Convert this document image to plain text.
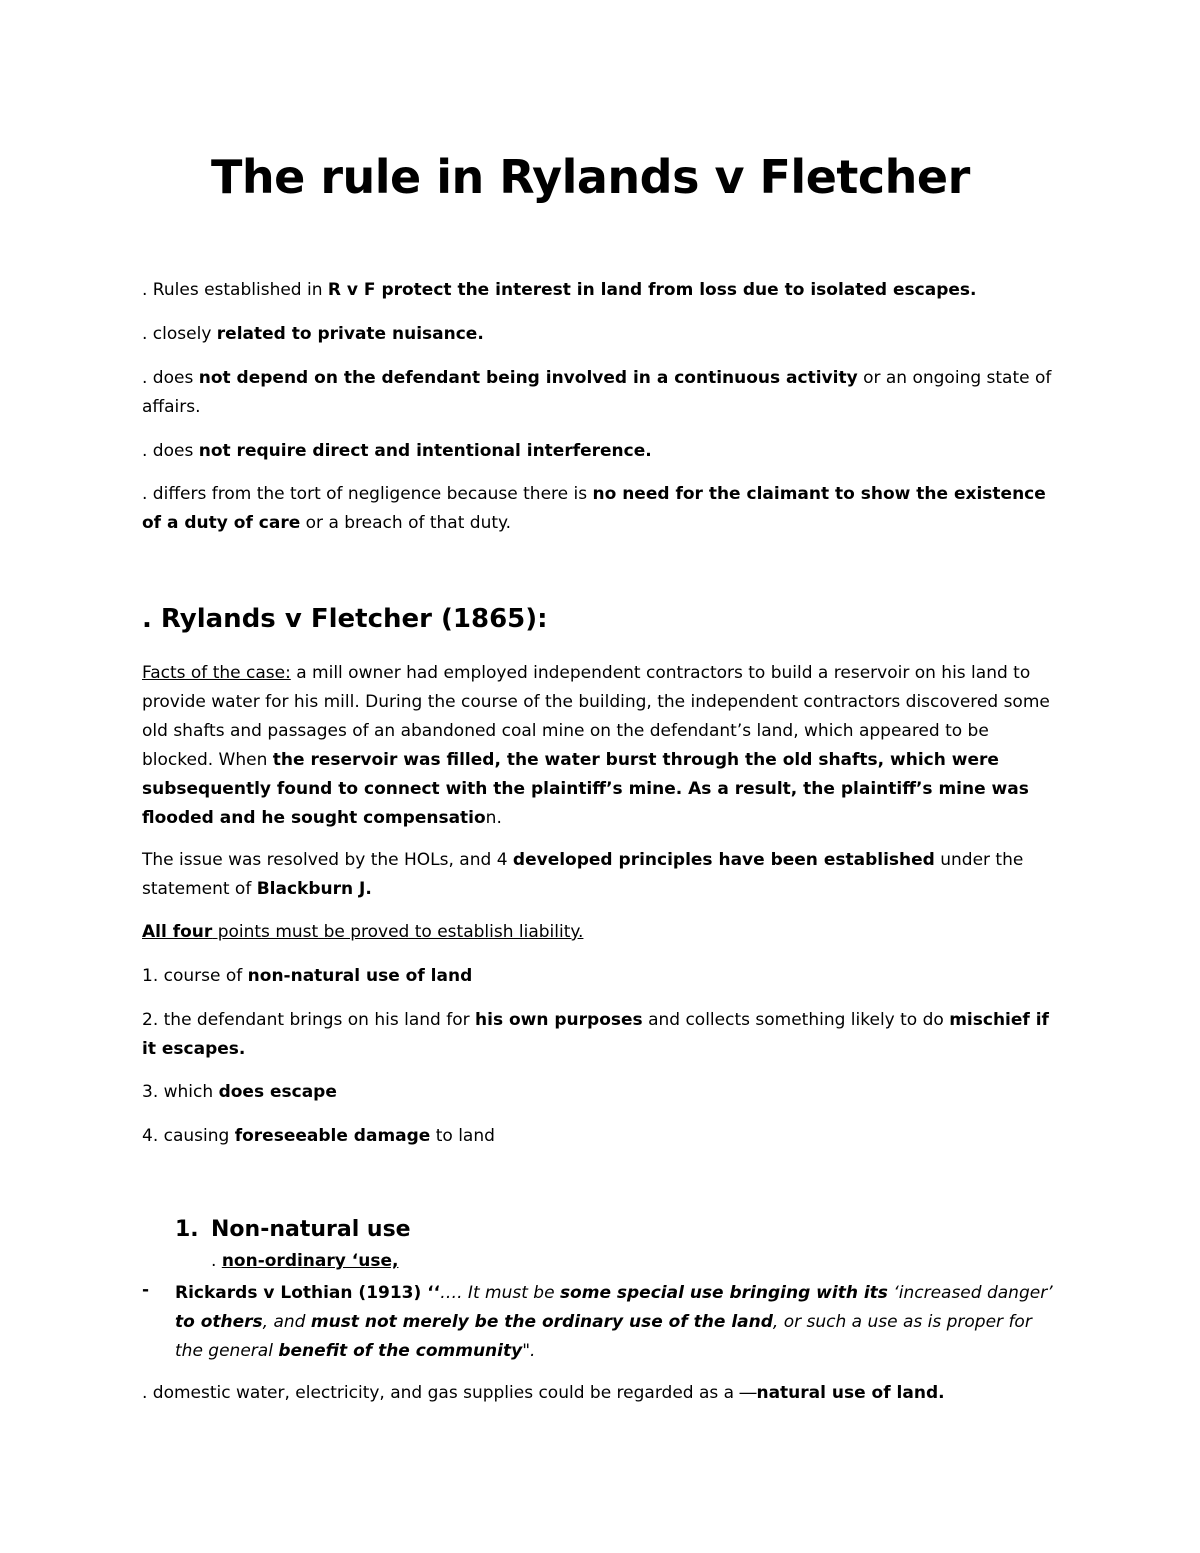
The rule in Rylands v Fletcher

. Rules established in R v F protect the interest in land from loss due to isolated escapes.

. closely related to private nuisance.

. does not depend on the defendant being involved in a continuous activity or an ongoing state of affairs.

. does not require direct and intentional interference.

. differs from the tort of negligence because there is no need for the claimant to show the existence of a duty of care or a breach of that duty.

. Rylands v Fletcher (1865):

Facts of the case: a mill owner had employed independent contractors to build a reservoir on his land to provide water for his mill. During the course of the building, the independent contractors discovered some old shafts and passages of an abandoned coal mine on the defendant’s land, which appeared to be blocked. When the reservoir was filled, the water burst through the old shafts, which were subsequently found to connect with the plaintiff’s mine. As a result, the plaintiff’s mine was flooded and he sought compensation.

The issue was resolved by the HOLs, and 4 developed principles have been established under the statement of Blackburn J.

All four points must be proved to establish liability.

1. course of non-natural use of land

2. the defendant brings on his land for his own purposes and collects something likely to do mischief if it escapes.

3. which does escape

4. causing foreseeable damage to land

1. Non-natural use

. non-ordinary ‘use,

- Rickards v Lothian (1913) ‘‘…. It must be some special use bringing with its ‘increased danger’ to others, and must not merely be the ordinary use of the land, or such a use as is proper for the general benefit of the community".

. domestic water, electricity, and gas supplies could be regarded as a ―natural use of land.
